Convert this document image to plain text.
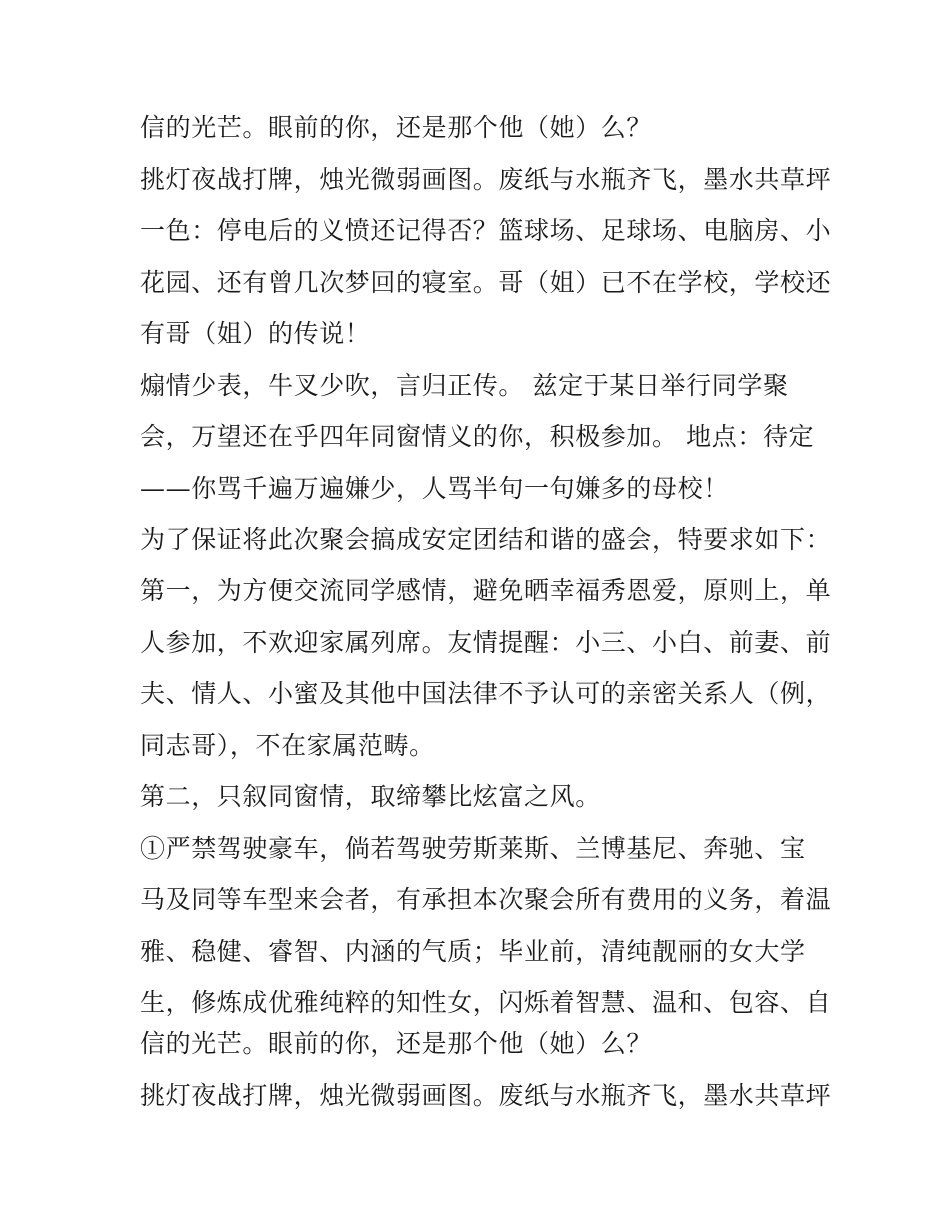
信的光芒。眼前的你，还是那个他（她）么？

挑灯夜战打牌，烛光微弱画图。废纸与水瓶齐飞，墨水共草坪

一色：停电后的义愤还记得否？篮球场、足球场、电脑房、小

花园、还有曾几次梦回的寝室。哥（姐）已不在学校，学校还

有哥（姐）的传说！

煽情少表，牛叉少吹，言归正传。 兹定于某日举行同学聚

会，万望还在乎四年同窗情义的你，积极参加。 地点：待定

——你骂千遍万遍嫌少，人骂半句一句嫌多的母校！

为了保证将此次聚会搞成安定团结和谐的盛会，特要求如下：

第一，为方便交流同学感情，避免晒幸福秀恩爱，原则上，单

人参加，不欢迎家属列席。友情提醒：小三、小白、前妻、前

夫、情人、小蜜及其他中国法律不予认可的亲密关系人（例，

同志哥），不在家属范畴。

第二，只叙同窗情，取缔攀比炫富之风。

①严禁驾驶豪车，倘若驾驶劳斯莱斯、兰博基尼、奔驰、宝

马及同等车型来会者，有承担本次聚会所有费用的义务，着温

雅、稳健、睿智、内涵的气质；毕业前，清纯靓丽的女大学

生，修炼成优雅纯粹的知性女，闪烁着智慧、温和、包容、自

信的光芒。眼前的你，还是那个他（她）么？

挑灯夜战打牌，烛光微弱画图。废纸与水瓶齐飞，墨水共草坪
